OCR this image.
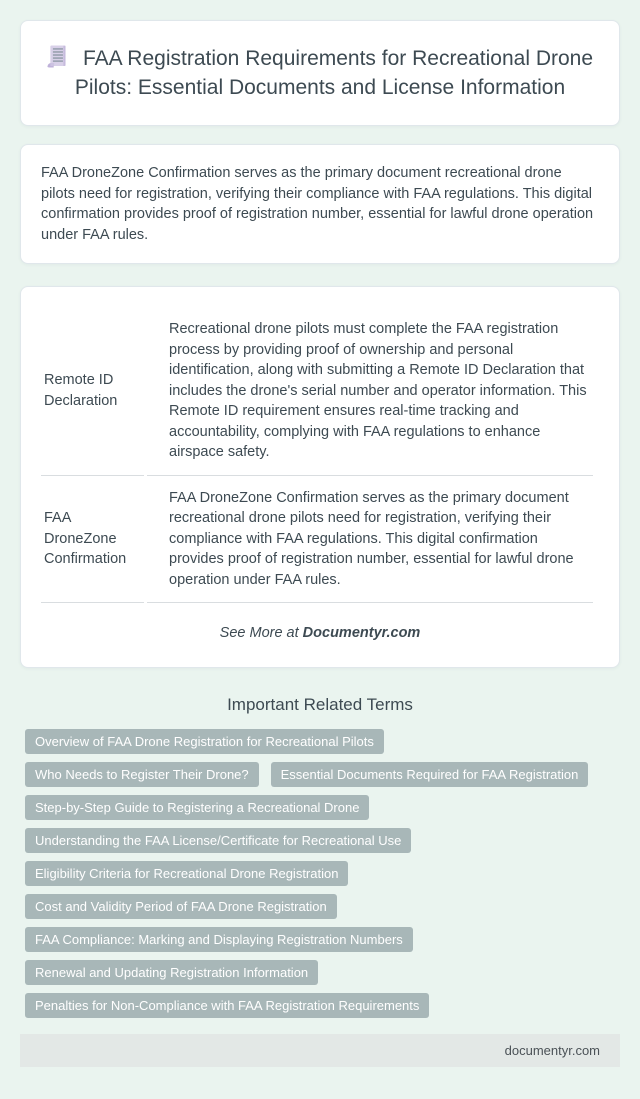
FAA Registration Requirements for Recreational Drone Pilots: Essential Documents and License Information

FAA DroneZone Confirmation serves as the primary document recreational drone pilots need for registration, verifying their compliance with FAA regulations. This digital confirmation provides proof of registration number, essential for lawful drone operation under FAA rules.

Remote ID Declaration	Recreational drone pilots must complete the FAA registration process by providing proof of ownership and personal identification, along with submitting a Remote ID Declaration that includes the drone's serial number and operator information. This Remote ID requirement ensures real-time tracking and accountability, complying with FAA regulations to enhance airspace safety.
FAA DroneZone Confirmation	FAA DroneZone Confirmation serves as the primary document recreational drone pilots need for registration, verifying their compliance with FAA regulations. This digital confirmation provides proof of registration number, essential for lawful drone operation under FAA rules.

See More at Documentyr.com

Important Related Terms
Overview of FAA Drone Registration for Recreational Pilots
Who Needs to Register Their Drone?	Essential Documents Required for FAA Registration
Step-by-Step Guide to Registering a Recreational Drone
Understanding the FAA License/Certificate for Recreational Use
Eligibility Criteria for Recreational Drone Registration
Cost and Validity Period of FAA Drone Registration
FAA Compliance: Marking and Displaying Registration Numbers
Renewal and Updating Registration Information
Penalties for Non-Compliance with FAA Registration Requirements
documentyr.com
